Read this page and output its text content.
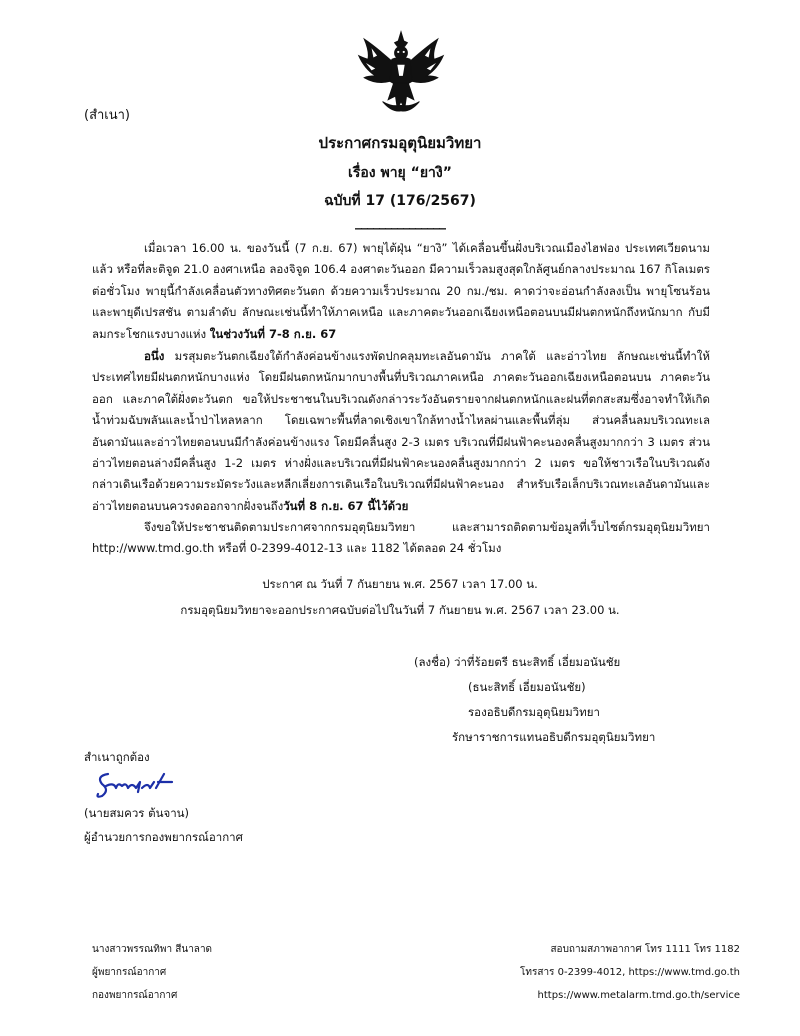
(สำเนา)
ประกาศกรมอุตุนิยมวิทยา
เรื่อง พายุ “ยางิ”
ฉบับที่ 17 (176/2567)
_______________

เมื่อเวลา 16.00 น. ของวันนี้ (7 ก.ย. 67) พายุไต้ฝุ่น “ยางิ” ได้เคลื่อนขึ้นฝั่งบริเวณเมืองไฮฟอง ประเทศเวียดนามแล้ว หรือที่ละติจูด 21.0 องศาเหนือ ลองจิจูด 106.4 องศาตะวันออก มีความเร็วลมสูงสุดใกล้ศูนย์กลางประมาณ 167 กิโลเมตรต่อชั่วโมง พายุนี้กำลังเคลื่อนตัวทางทิศตะวันตก ด้วยความเร็วประมาณ 20 กม./ชม. คาดว่าจะอ่อนกำลังลงเป็น พายุโซนร้อน และพายุดีเปรสชัน ตามลำดับ ลักษณะเช่นนี้ทำให้ภาคเหนือ และภาคตะวันออกเฉียงเหนือตอนบนมีฝนตกหนักถึงหนักมาก กับมีลมกระโชกแรงบางแห่ง ในช่วงวันที่ 7-8 ก.ย. 67

อนึ่ง มรสุมตะวันตกเฉียงใต้กำลังค่อนข้างแรงพัดปกคลุมทะเลอันดามัน ภาคใต้ และอ่าวไทย ลักษณะเช่นนี้ทำให้ประเทศไทยมีฝนตกหนักบางแห่ง โดยมีฝนตกหนักมากบางพื้นที่บริเวณภาคเหนือ ภาคตะวันออกเฉียงเหนือตอนบน ภาคตะวันออก และภาคใต้ฝั่งตะวันตก ขอให้ประชาชนในบริเวณดังกล่าวระวังอันตรายจากฝนตกหนักและฝนที่ตกสะสมซึ่งอาจทำให้เกิดน้ำท่วมฉับพลันและน้ำป่าไหลหลาก โดยเฉพาะพื้นที่ลาดเชิงเขาใกล้ทางน้ำไหลผ่านและพื้นที่ลุ่ม ส่วนคลื่นลมบริเวณทะเลอันดามันและอ่าวไทยตอนบนมีกำลังค่อนข้างแรง โดยมีคลื่นสูง 2-3 เมตร บริเวณที่มีฝนฟ้าคะนองคลื่นสูงมากกว่า 3 เมตร ส่วนอ่าวไทยตอนล่างมีคลื่นสูง 1-2 เมตร ห่างฝั่งและบริเวณที่มีฝนฟ้าคะนองคลื่นสูงมากกว่า 2 เมตร ขอให้ชาวเรือในบริเวณดังกล่าวเดินเรือด้วยความระมัดระวังและหลีกเลี่ยงการเดินเรือในบริเวณที่มีฝนฟ้าคะนอง สำหรับเรือเล็กบริเวณทะเลอันดามันและอ่าวไทยตอนบนควรงดออกจากฝั่งจนถึงวันที่ 8 ก.ย. 67 นี้ไว้ด้วย

จึงขอให้ประชาชนติดตามประกาศจากกรมอุตุนิยมวิทยา และสามารถติดตามข้อมูลที่เว็บไซต์กรมอุตุนิยมวิทยา http://www.tmd.go.th หรือที่ 0-2399-4012-13 และ 1182 ได้ตลอด 24 ชั่วโมง

ประกาศ ณ วันที่ 7 กันยายน พ.ศ. 2567 เวลา 17.00 น.
กรมอุตุนิยมวิทยาจะออกประกาศฉบับต่อไปในวันที่ 7 กันยายน พ.ศ. 2567 เวลา 23.00 น.
(ลงชื่อ) ว่าที่ร้อยตรี ธนะสิทธิ์ เอี่ยมอนันชัย
(ธนะสิทธิ์ เอี่ยมอนันชัย)
รองอธิบดีกรมอุตุนิยมวิทยา
รักษาราชการแทนอธิบดีกรมอุตุนิยมวิทยา
สำเนาถูกต้อง
(นายสมควร ต้นจาน)
ผู้อำนวยการกองพยากรณ์อากาศ
นางสาวพรรณทิพา สีนาลาด
ผู้พยากรณ์อากาศ
กองพยากรณ์อากาศ
สอบถามสภาพอากาศ โทร 1111 โทร 1182
โทรสาร 0-2399-4012, https://www.tmd.go.th
https://www.metalarm.tmd.go.th/service
